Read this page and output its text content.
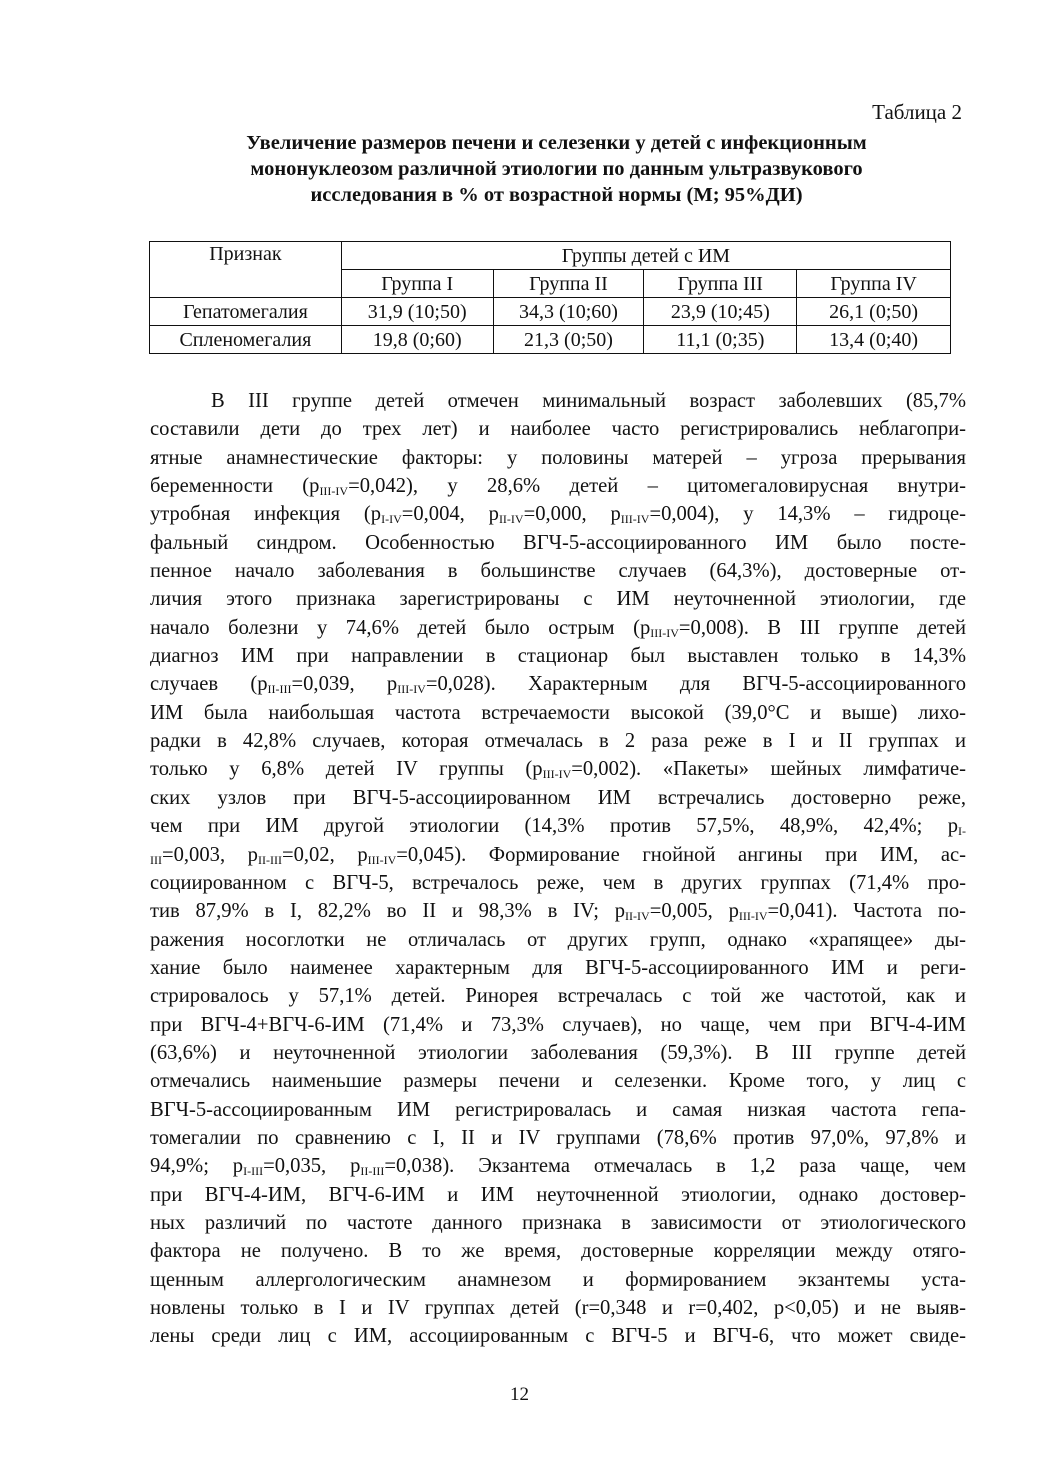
Таблица 2
Увеличение размеров печени и селезенки у детей с инфекционным
мононуклеозом различной этиологии по данным ультразвукового
исследования в % от возрастной нормы (М; 95%ДИ)
Признак	Группы детей с ИМ			
	Группа I	Группа II	Группа III	Группа IV
Гепатомегалия	31,9 (10;50)	34,3 (10;60)	23,9 (10;45)	26,1 (0;50)
Спленомегалия	19,8 (0;60)	21,3 (0;50)	11,1 (0;35)	13,4 (0;40)
В III группе детей отмечен минимальный возраст заболевших (85,7%
составили дети до трех лет) и наиболее часто регистрировались неблагопри-
ятные анамнестические факторы: у половины матерей – угроза прерывания
беременности $(p_{III-IV}=0,042)$, у 28,6% детей – цитомегаловирусная внутри-
утробная инфекция ($p_{I-IV}=0,004$, $p_{II-IV}=0,000$, $p_{III-IV}=0,004$), у 14,3% – гидроце-
фальный синдром. Особенностью ВГЧ-5-ассоциированного ИМ было посте-
пенное начало заболевания в большинстве случаев (64,3%), достоверные от-
личия этого признака зарегистрированы с ИМ неуточненной этиологии, где
начало болезни у 74,6% детей было острым $(p_{III-IV}=0,008)$. В III группе детей
диагноз ИМ при направлении в стационар был выставлен только в 14,3%
случаев ($p_{II-III}=0,039$, $p_{III-IV}=0,028$). Характерным для ВГЧ-5-ассоциированного
ИМ была наибольшая частота встречаемости высокой (39,0°С и выше) лихо-
радки в 42,8% случаев, которая отмечалась в 2 раза реже в I и II группах и
только у 6,8% детей IV группы $(p_{III-IV}=0,002)$. «Пакеты» шейных лимфатиче-
ских узлов при ВГЧ-5-ассоциированном ИМ встречались достоверно реже,
чем при ИМ другой этиологии (14,3% против 57,5%, 48,9%, 42,4%; $p_{I-}$
$_{III}$=0,003, $p_{II-III}=0,02$, $p_{III-IV}=0,045$). Формирование гнойной ангины при ИМ, ас-
социированном с ВГЧ-5, встречалось реже, чем в других группах (71,4% про-
тив 87,9% в I, 82,2% во II и 98,3% в IV; $p_{II-IV}=0,005$, $p_{III-IV}=0,041$). Частота по-
ражения носоглотки не отличалась от других групп, однако «храпящее» ды-
хание было наименее характерным для ВГЧ-5-ассоциированного ИМ и реги-
стрировалось у 57,1% детей. Ринорея встречалась с той же частотой, как и
при ВГЧ-4+ВГЧ-6-ИМ (71,4% и 73,3% случаев), но чаще, чем при ВГЧ-4-ИМ
(63,6%) и неуточненной этиологии заболевания (59,3%). В III группе детей
отмечались наименьшие размеры печени и селезенки. Кроме того, у лиц с
ВГЧ-5-ассоциированным ИМ регистрировалась и самая низкая частота гепа-
томегалии по сравнению с I, II и IV группами (78,6% против 97,0%, 97,8% и
94,9%; $p_{I-III}=0,035$, $p_{II-III}=0,038$). Экзантема отмечалась в 1,2 раза чаще, чем
при ВГЧ-4-ИМ, ВГЧ-6-ИМ и ИМ неуточненной этиологии, однако достовер-
ных различий по частоте данного признака в зависимости от этиологического
фактора не получено. В то же время, достоверные корреляции между отяго-
щенным аллергологическим анамнезом и формированием экзантемы уста-
новлены только в I и IV группах детей (r=0,348 и r=0,402, p<0,05) и не выяв-
лены среди лиц с ИМ, ассоциированным с ВГЧ-5 и ВГЧ-6, что может свиде-
12
